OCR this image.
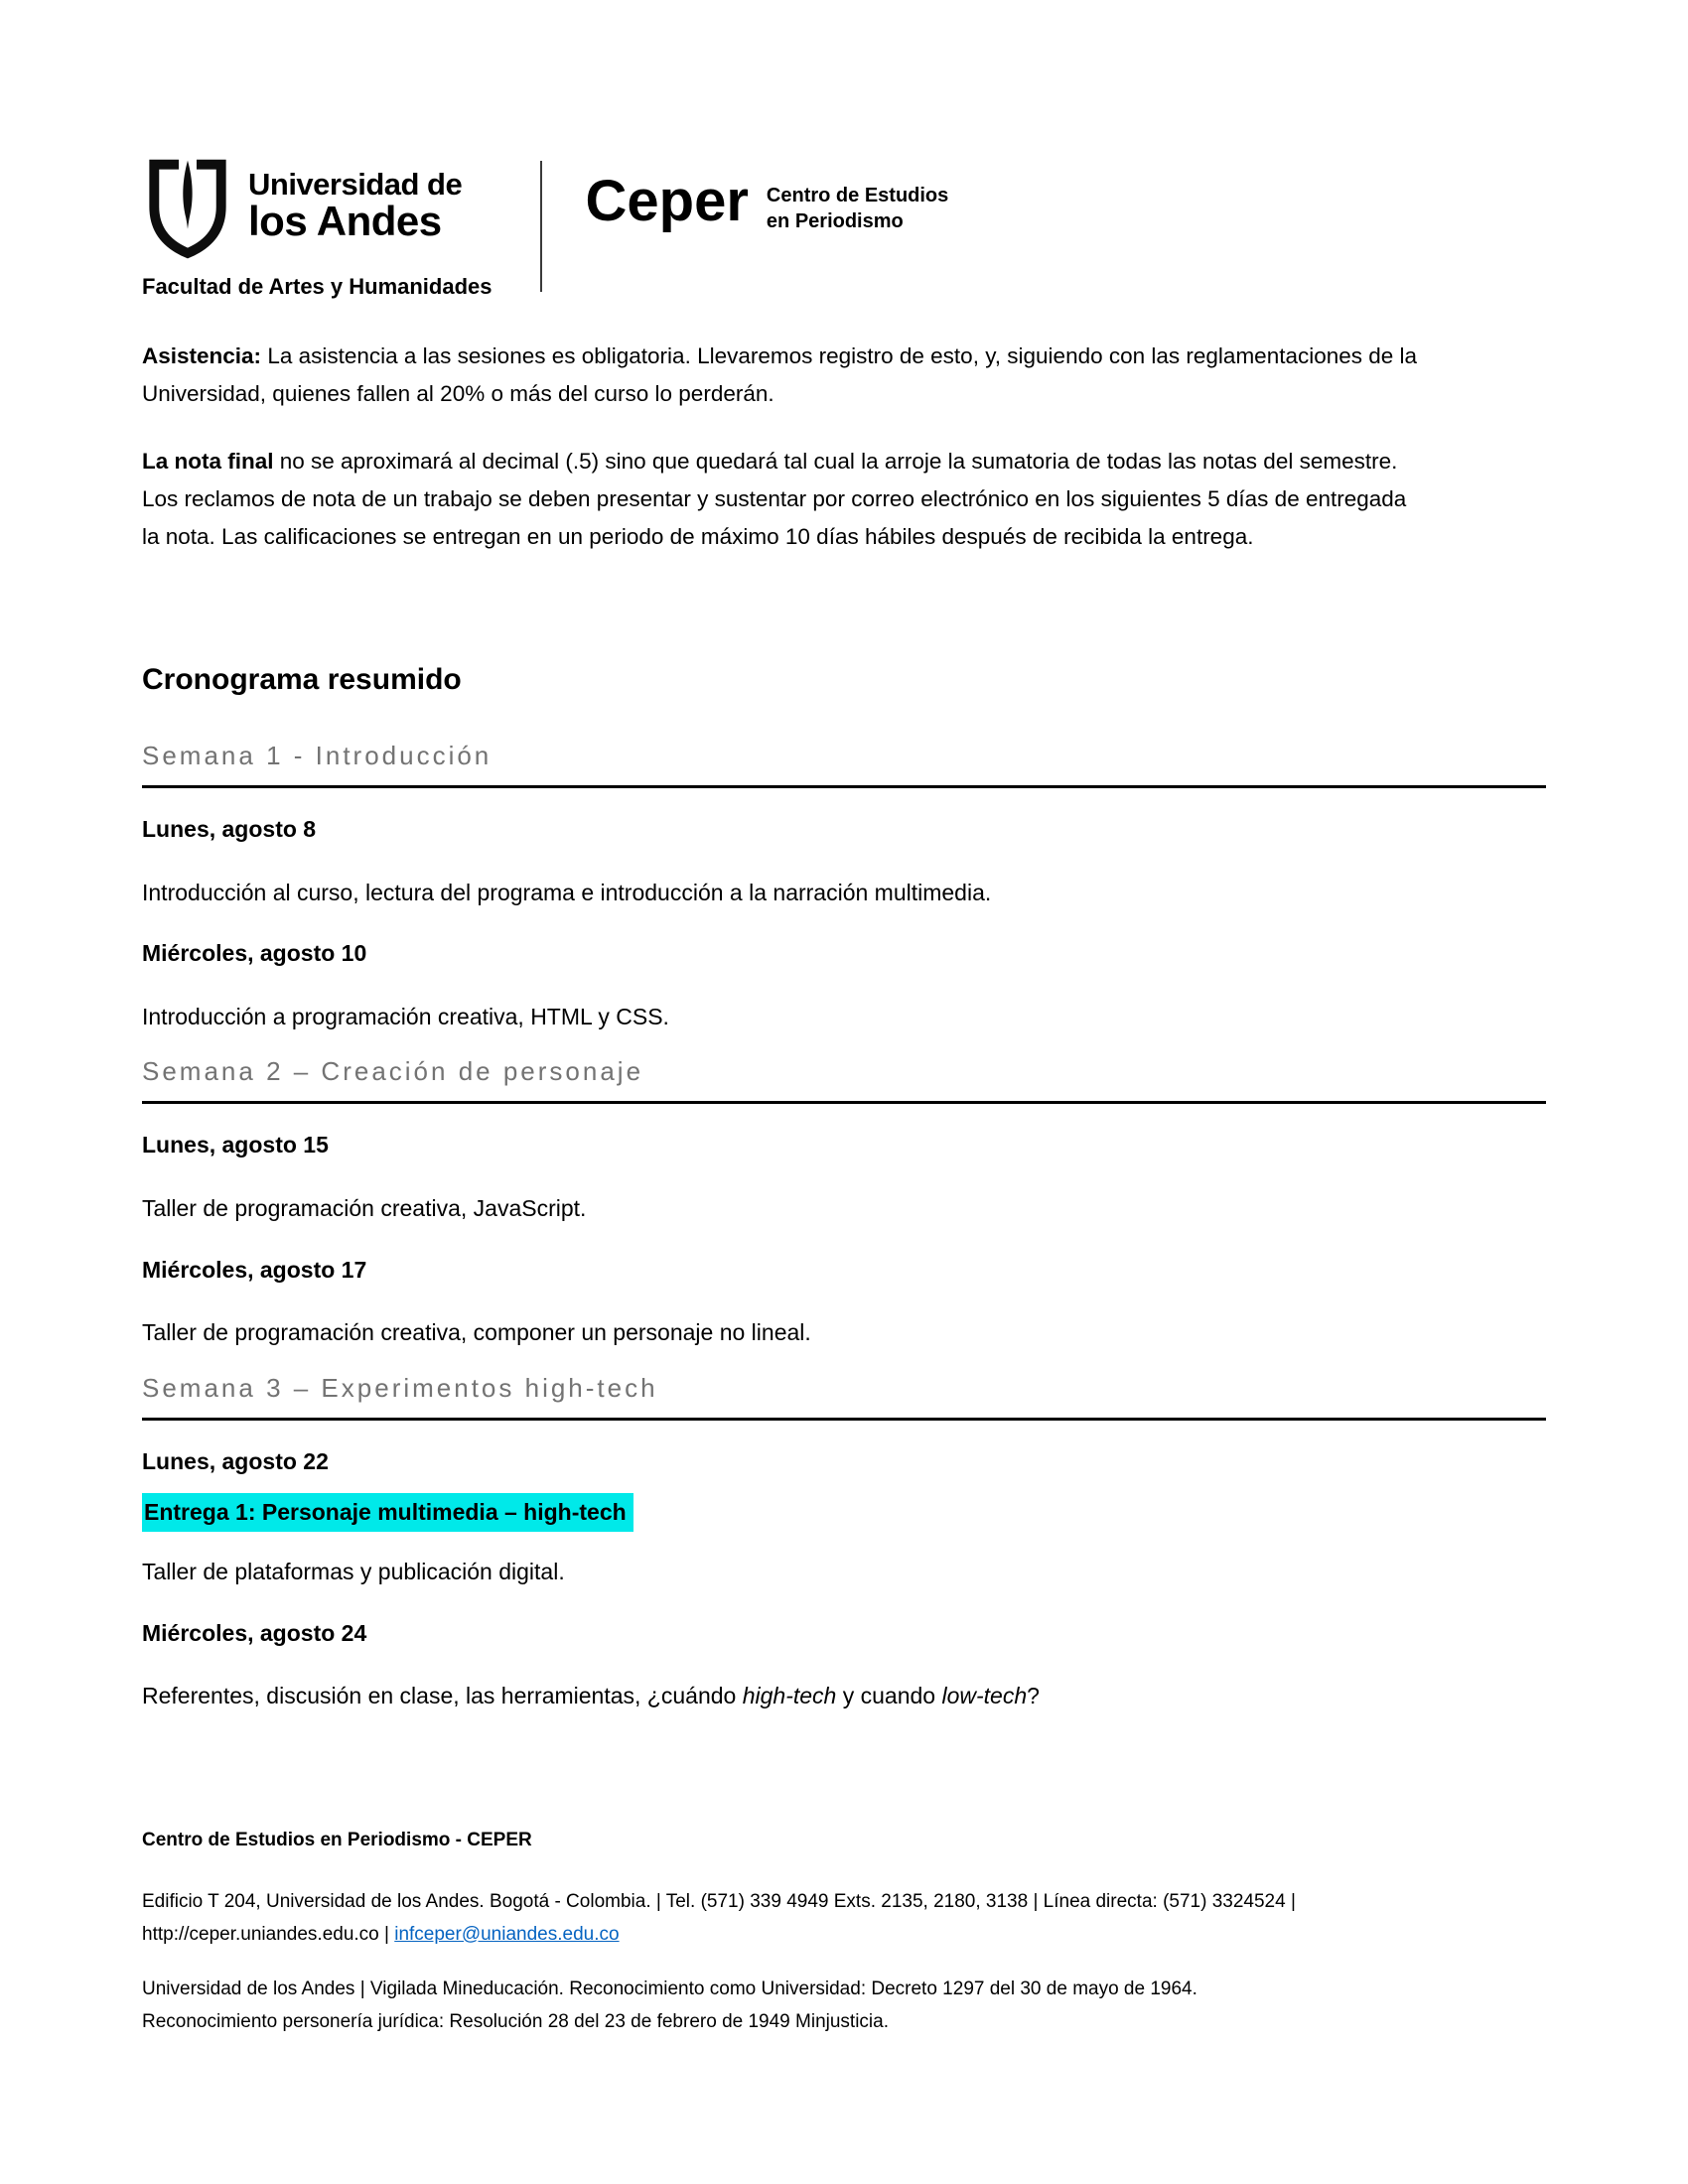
Universidad de
los Andes
Facultad de Artes y Humanidades
Ceper Centro de Estudios
en Periodismo

Asistencia: La asistencia a las sesiones es obligatoria. Llevaremos registro de esto, y, siguiendo con las reglamentaciones de la Universidad, quienes fallen al 20% o más del curso lo perderán.

La nota final no se aproximará al decimal (.5) sino que quedará tal cual la arroje la sumatoria de todas las notas del semestre. Los reclamos de nota de un trabajo se deben presentar y sustentar por correo electrónico en los siguientes 5 días de entregada la nota. Las calificaciones se entregan en un periodo de máximo 10 días hábiles después de recibida la entrega.

Cronograma resumido
Semana 1 - Introducción
Lunes, agosto 8

Introducción al curso, lectura del programa e introducción a la narración multimedia.

Miércoles, agosto 10

Introducción a programación creativa, HTML y CSS.

Semana 2 – Creación de personaje
Lunes, agosto 15

Taller de programación creativa, JavaScript.

Miércoles, agosto 17

Taller de programación creativa, componer un personaje no lineal.

Semana 3 – Experimentos high-tech
Lunes, agosto 22

Entrega 1: Personaje multimedia – high-tech

Taller de plataformas y publicación digital.

Miércoles, agosto 24

Referentes, discusión en clase, las herramientas, ¿cuándo high-tech y cuando low-tech?

Centro de Estudios en Periodismo - CEPER

Edificio T 204, Universidad de los Andes. Bogotá - Colombia. | Tel. (571) 339 4949 Exts. 2135, 2180, 3138 | Línea directa: (571) 3324524 |
http://ceper.uniandes.edu.co | infceper@uniandes.edu.co

Universidad de los Andes | Vigilada Mineducación. Reconocimiento como Universidad: Decreto 1297 del 30 de mayo de 1964.
Reconocimiento personería jurídica: Resolución 28 del 23 de febrero de 1949 Minjusticia.
